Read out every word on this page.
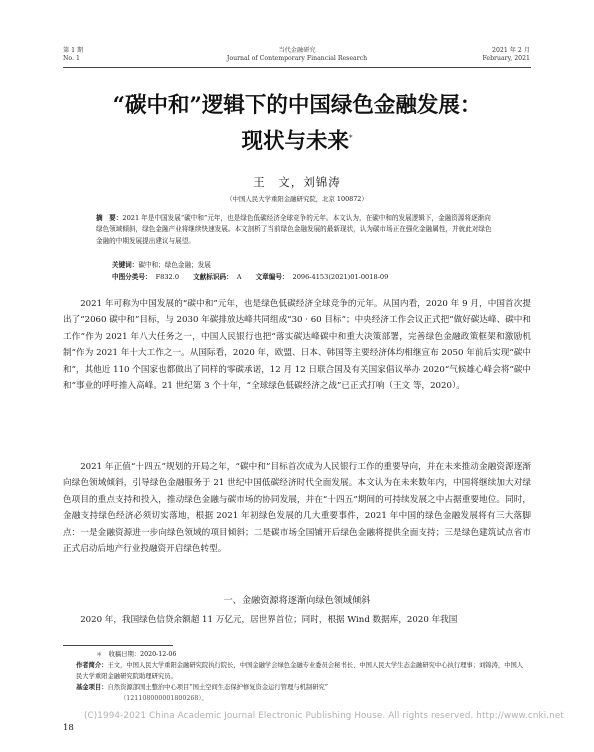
第 1 期
No. 1
当代金融研究
Journal of Contemporary Financial Research
2021 年 2 月
February, 2021
“碳中和”逻辑下的中国绿色金融发展：
现状与未来*
王　文，刘锦涛
（中国人民大学重阳金融研究院，北京 100872）
摘　要：2021 年是中国发展“碳中和”元年，也是绿色低碳经济全球竞争的元年。本文认为，在碳中和的发展逻辑下，金融资源将逐渐向绿色领域倾斜，绿色金融产业将继续快速发展。本文剖析了当前绿色金融发展的最新现状，认为碳市场正在强化金融属性，并就此对绿色金融的中期发展提出建议与展望。
关键词：碳中和；绿色金融；发展
中图分类号： F832.0 文献标识码： A 文章编号： 2096-4153(2021)01-0018-09
2021 年可称为中国发展的“碳中和”元年，也是绿色低碳经济全球竞争的元年。从国内看，2020 年 9 月，中国首次提出了“2060 碳中和”目标，与 2030 年碳排放达峰共同组成“30 · 60 目标”；中央经济工作会议正式把“做好碳达峰、碳中和工作”作为 2021 年八大任务之一，中国人民银行也把“落实碳达峰碳中和重大决策部署，完善绿色金融政策框架和激励机制”作为 2021 年十大工作之一。从国际看，2020 年，欧盟、日本、韩国等主要经济体均相继宣布 2050 年前后实现“碳中和”，其他近 110 个国家也都做出了同样的零碳承诺，12 月 12 日联合国及有关国家倡议举办 2020“气候雄心峰会将“碳中和”事业的呼吁推入高峰。21 世纪第 3 个十年，“全球绿色低碳经济之战”已正式打响（王文 等，2020）。
2021 年正值“十四五”规划的开局之年，“碳中和”目标首次成为人民银行工作的重要导向，并在未来推动金融资源逐渐向绿色领域倾斜，引导绿色金融服务于 21 世纪中国低碳经济时代全面发展。本文认为在未来数年内，中国将继续加大对绿色项目的重点支持和投入，推动绿色金融与碳市场的协同发展，并在“十四五”期间的可持续发展之中占据重要地位。同时，金融支持绿色经济必须切实落地，根据 2021 年初绿色发展的几大重要事件，2021 年中国的绿色金融发展将有三大落脚点：一是金融资源进一步向绿色领域的项目倾斜；二是碳市场全国铺开后绿色金融将提供全面支持；三是绿色建筑试点省市正式启动后地产行业投融资开启绿色转型。
一、金融资源将逐渐向绿色领域倾斜
2020 年，我国绿色信贷余额超 11 万亿元，居世界首位；同时，根据 Wind 数据库，2020 年我国
＊　收稿日期：2020-12-06
作者简介：王文，中国人民大学重阳金融研究院执行院长，中国金融学会绿色金融专业委员会秘书长、中国人民大学生态金融研究中心执行理事；刘锦涛，中国人民大学重阳金融研究院助理研究员。
基金项目：自然资源部国土整治中心项目“国土空间生态保护修复资金运行管理与机制研究”
（121108000001800268）。
(C)1994-2021 China Academic Journal Electronic Publishing House. All rights reserved. http://www.cnki.net
18
